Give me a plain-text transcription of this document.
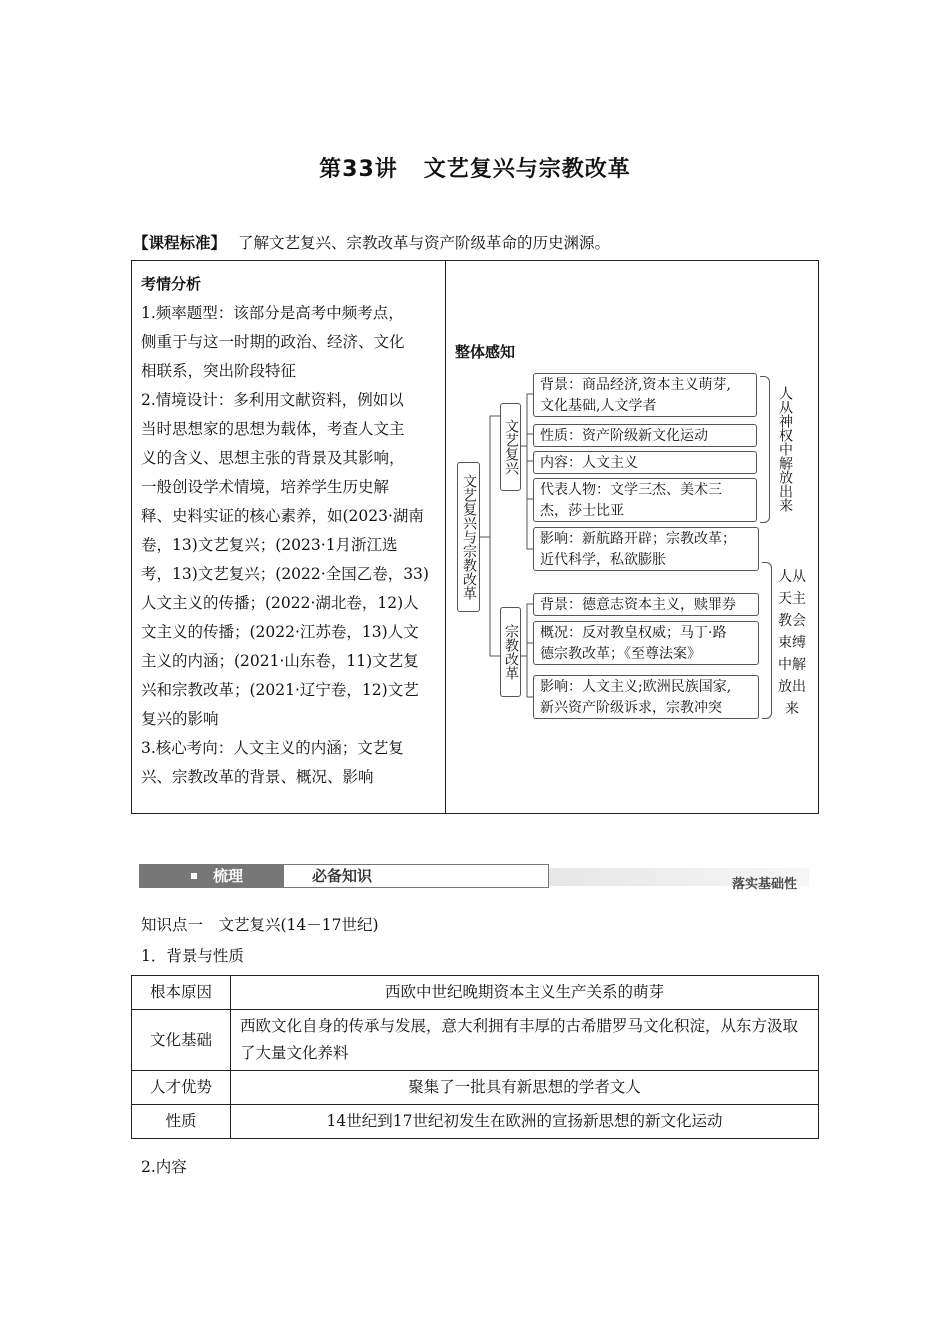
第33讲 文艺复兴与宗教改革
【课程标准】 了解文艺复兴、宗教改革与资产阶级革命的历史渊源。

考情分析

1.频率题型：该部分是高考中频考点，

侧重于与这一时期的政治、经济、文化

相联系，突出阶段特征

2.情境设计：多利用文献资料，例如以

当时思想家的思想为载体，考查人文主

义的含义、思想主张的背景及其影响，

一般创设学术情境，培养学生历史解

释、史料实证的核心素养，如(2023·湖南

卷，13)文艺复兴；(2023·1月浙江选

考，13)文艺复兴；(2022·全国乙卷，33)

人文主义的传播；(2022·湖北卷，12)人

文主义的传播；(2022·江苏卷，13)人文

主义的内涵；(2021·山东卷，11)文艺复

兴和宗教改革；(2021·辽宁卷，12)文艺

复兴的影响

3.核心考向：人文主义的内涵；文艺复

兴、宗教改革的背景、概况、影响

整体感知
文艺复兴与宗教改革
文艺复兴
宗教改革
背景：商品经济,资本主义萌芽,
文化基础,人文学者
性质：资产阶级新文化运动
内容：人文主义
代表人物：文学三杰、美术三
杰，莎士比亚
影响：新航路开辟；宗教改革；
近代科学，私欲膨胀
人从神权中解放出来
背景：德意志资本主义，赎罪券
概况：反对教皇权威；马丁·路
德宗教改革；《至尊法案》
影响：人文主义;欧洲民族国家,
新兴资产阶级诉求，宗教冲突
人从
天主
教会
束缚
中解
放出
来
梳理	必备知识	落实基础性
知识点一　文艺复兴(14－17世纪)
1．背景与性质
根本原因	西欧中世纪晚期资本主义生产关系的萌芽
文化基础	西欧文化自身的传承与发展，意大利拥有丰厚的古希腊罗马文化积淀，从东方汲取了大量文化养料
人才优势	聚集了一批具有新思想的学者文人
性质	14世纪到17世纪初发生在欧洲的宣扬新思想的新文化运动
2.内容
